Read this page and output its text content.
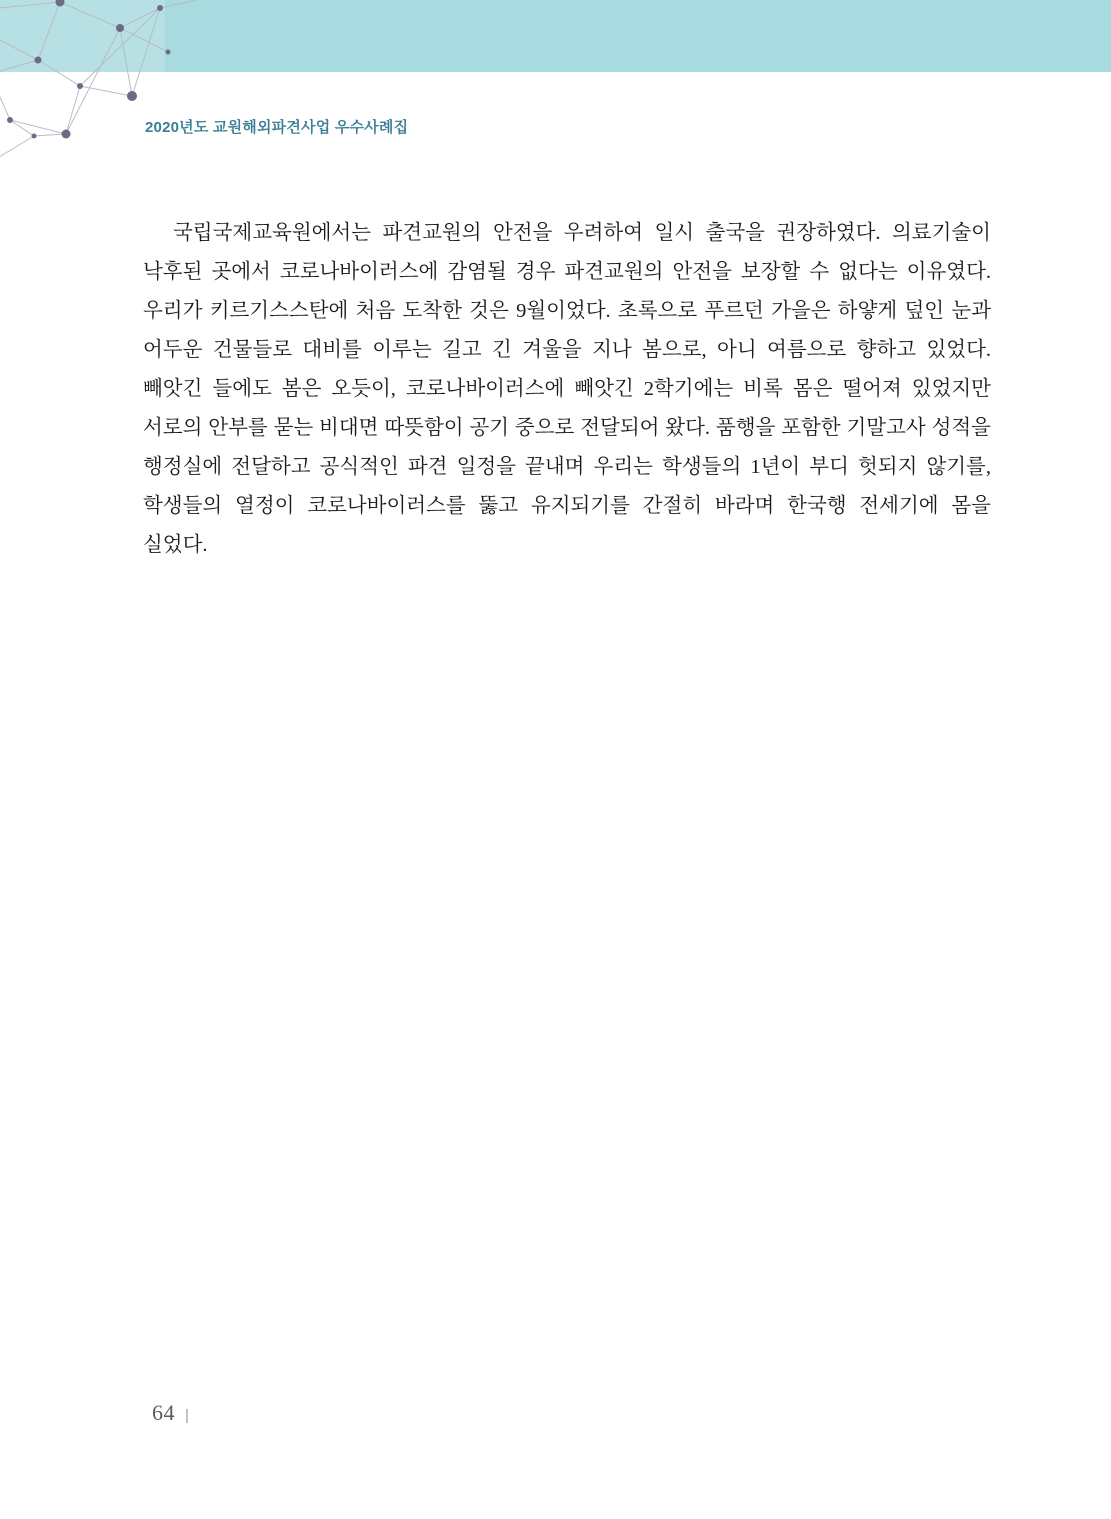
2020년도 교원해외파견사업 우수사례집

국립국제교육원에서는 파견교원의 안전을 우려하여 일시 출국을 권장하였다. 의료기술이 낙후된 곳에서 코로나바이러스에 감염될 경우 파견교원의 안전을 보장할 수 없다는 이유였다. 우리가 키르기스스탄에 처음 도착한 것은 9월이었다. 초록으로 푸르던 가을은 하얗게 덮인 눈과 어두운 건물들로 대비를 이루는 길고 긴 겨울을 지나 봄으로, 아니 여름으로 향하고 있었다. 빼앗긴 들에도 봄은 오듯이, 코로나바이러스에 빼앗긴 2학기에는 비록 몸은 떨어져 있었지만 서로의 안부를 묻는 비대면 따뜻함이 공기 중으로 전달되어 왔다. 품행을 포함한 기말고사 성적을 행정실에 전달하고 공식적인 파견 일정을 끝내며 우리는 학생들의 1년이 부디 헛되지 않기를, 학생들의 열정이 코로나바이러스를 뚫고 유지되기를 간절히 바라며 한국행 전세기에 몸을 실었다.

64 |
